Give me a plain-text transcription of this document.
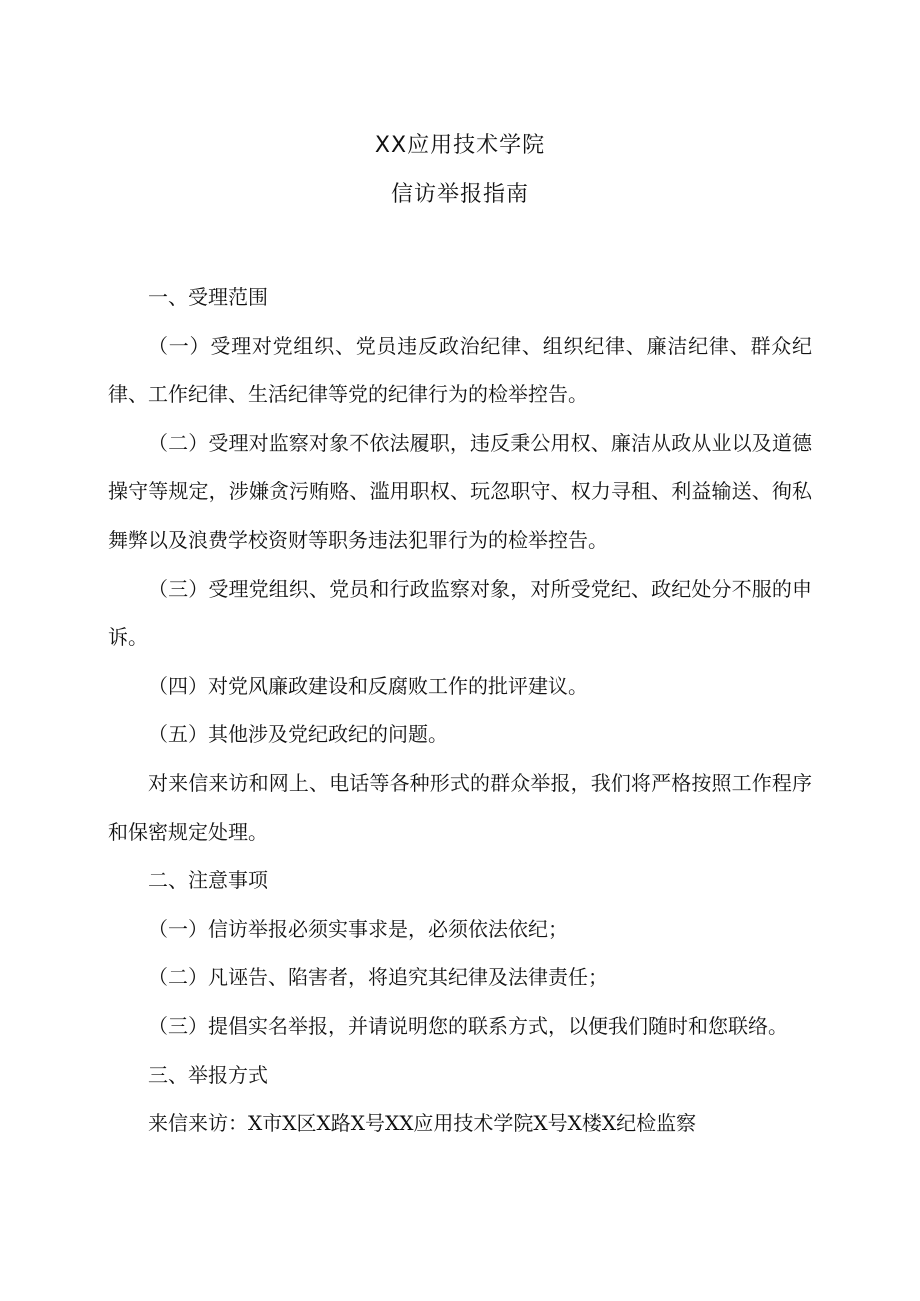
XX应用技术学院
信访举报指南

一、受理范围

（一）受理对党组织、党员违反政治纪律、组织纪律、廉洁纪律、群众纪律、工作纪律、生活纪律等党的纪律行为的检举控告。

（二）受理对监察对象不依法履职，违反秉公用权、廉洁从政从业以及道德操守等规定，涉嫌贪污贿赂、滥用职权、玩忽职守、权力寻租、利益输送、徇私舞弊以及浪费学校资财等职务违法犯罪行为的检举控告。

（三）受理党组织、党员和行政监察对象，对所受党纪、政纪处分不服的申诉。

（四）对党风廉政建设和反腐败工作的批评建议。

（五）其他涉及党纪政纪的问题。

对来信来访和网上、电话等各种形式的群众举报，我们将严格按照工作程序和保密规定处理。

二、注意事项

（一）信访举报必须实事求是，必须依法依纪；

（二）凡诬告、陷害者，将追究其纪律及法律责任；

（三）提倡实名举报，并请说明您的联系方式，以便我们随时和您联络。

三、举报方式

来信来访：X市X区X路X号XX应用技术学院X号X楼X纪检监察
